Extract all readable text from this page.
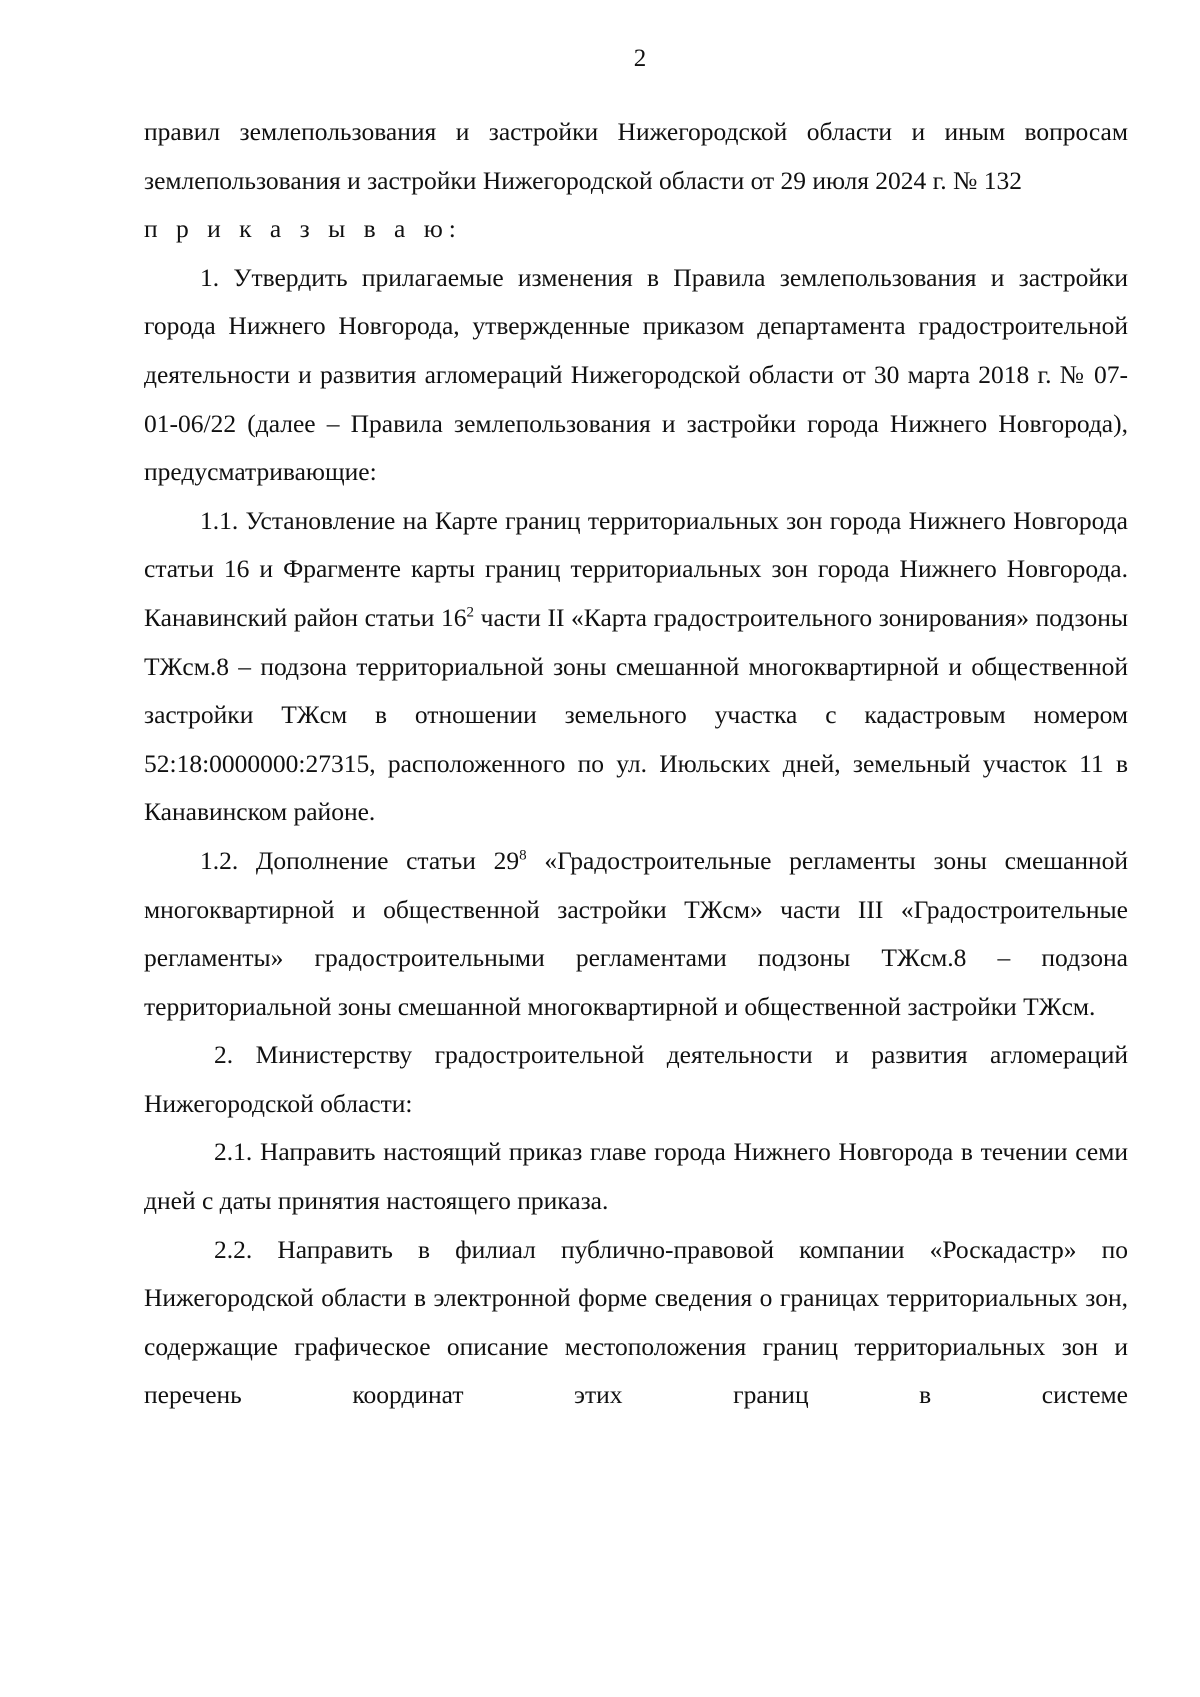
2

правил землепользования и застройки Нижегородской области и иным вопросам землепользования и застройки Нижегородской области от 29 июля 2024 г. № 132

п р и к а з ы в а ю:

1. Утвердить прилагаемые изменения в Правила землепользования и застройки города Нижнего Новгорода, утвержденные приказом департамента градостроительной деятельности и развития агломераций Нижегородской области от 30 марта 2018 г. № 07-01-06/22 (далее – Правила землепользования и застройки города Нижнего Новгорода), предусматривающие:

1.1. Установление на Карте границ территориальных зон города Нижнего Новгорода статьи 16 и Фрагменте карты границ территориальных зон города Нижнего Новгорода. Канавинский район статьи $16^2$ части II «Карта градостроительного зонирования» подзоны ТЖсм.8 – подзона территориальной зоны смешанной многоквартирной и общественной застройки ТЖсм в отношении земельного участка с кадастровым номером 52:18:0000000:27315, расположенного по ул. Июльских дней, земельный участок 11 в Канавинском районе.

1.2. Дополнение статьи $29^8$ «Градостроительные регламенты зоны смешанной многоквартирной и общественной застройки ТЖсм» части III «Градостроительные регламенты» градостроительными регламентами подзоны ТЖсм.8 – подзона территориальной зоны смешанной многоквартирной и общественной застройки ТЖсм.

2. Министерству градостроительной деятельности и развития агломераций Нижегородской области:

2.1. Направить настоящий приказ главе города Нижнего Новгорода в течении семи дней с даты принятия настоящего приказа.

2.2. Направить в филиал публично-правовой компании «Роскадастр» по Нижегородской области в электронной форме сведения о границах территориальных зон, содержащие графическое описание местоположения границ территориальных зон и перечень координат этих границ в системе
